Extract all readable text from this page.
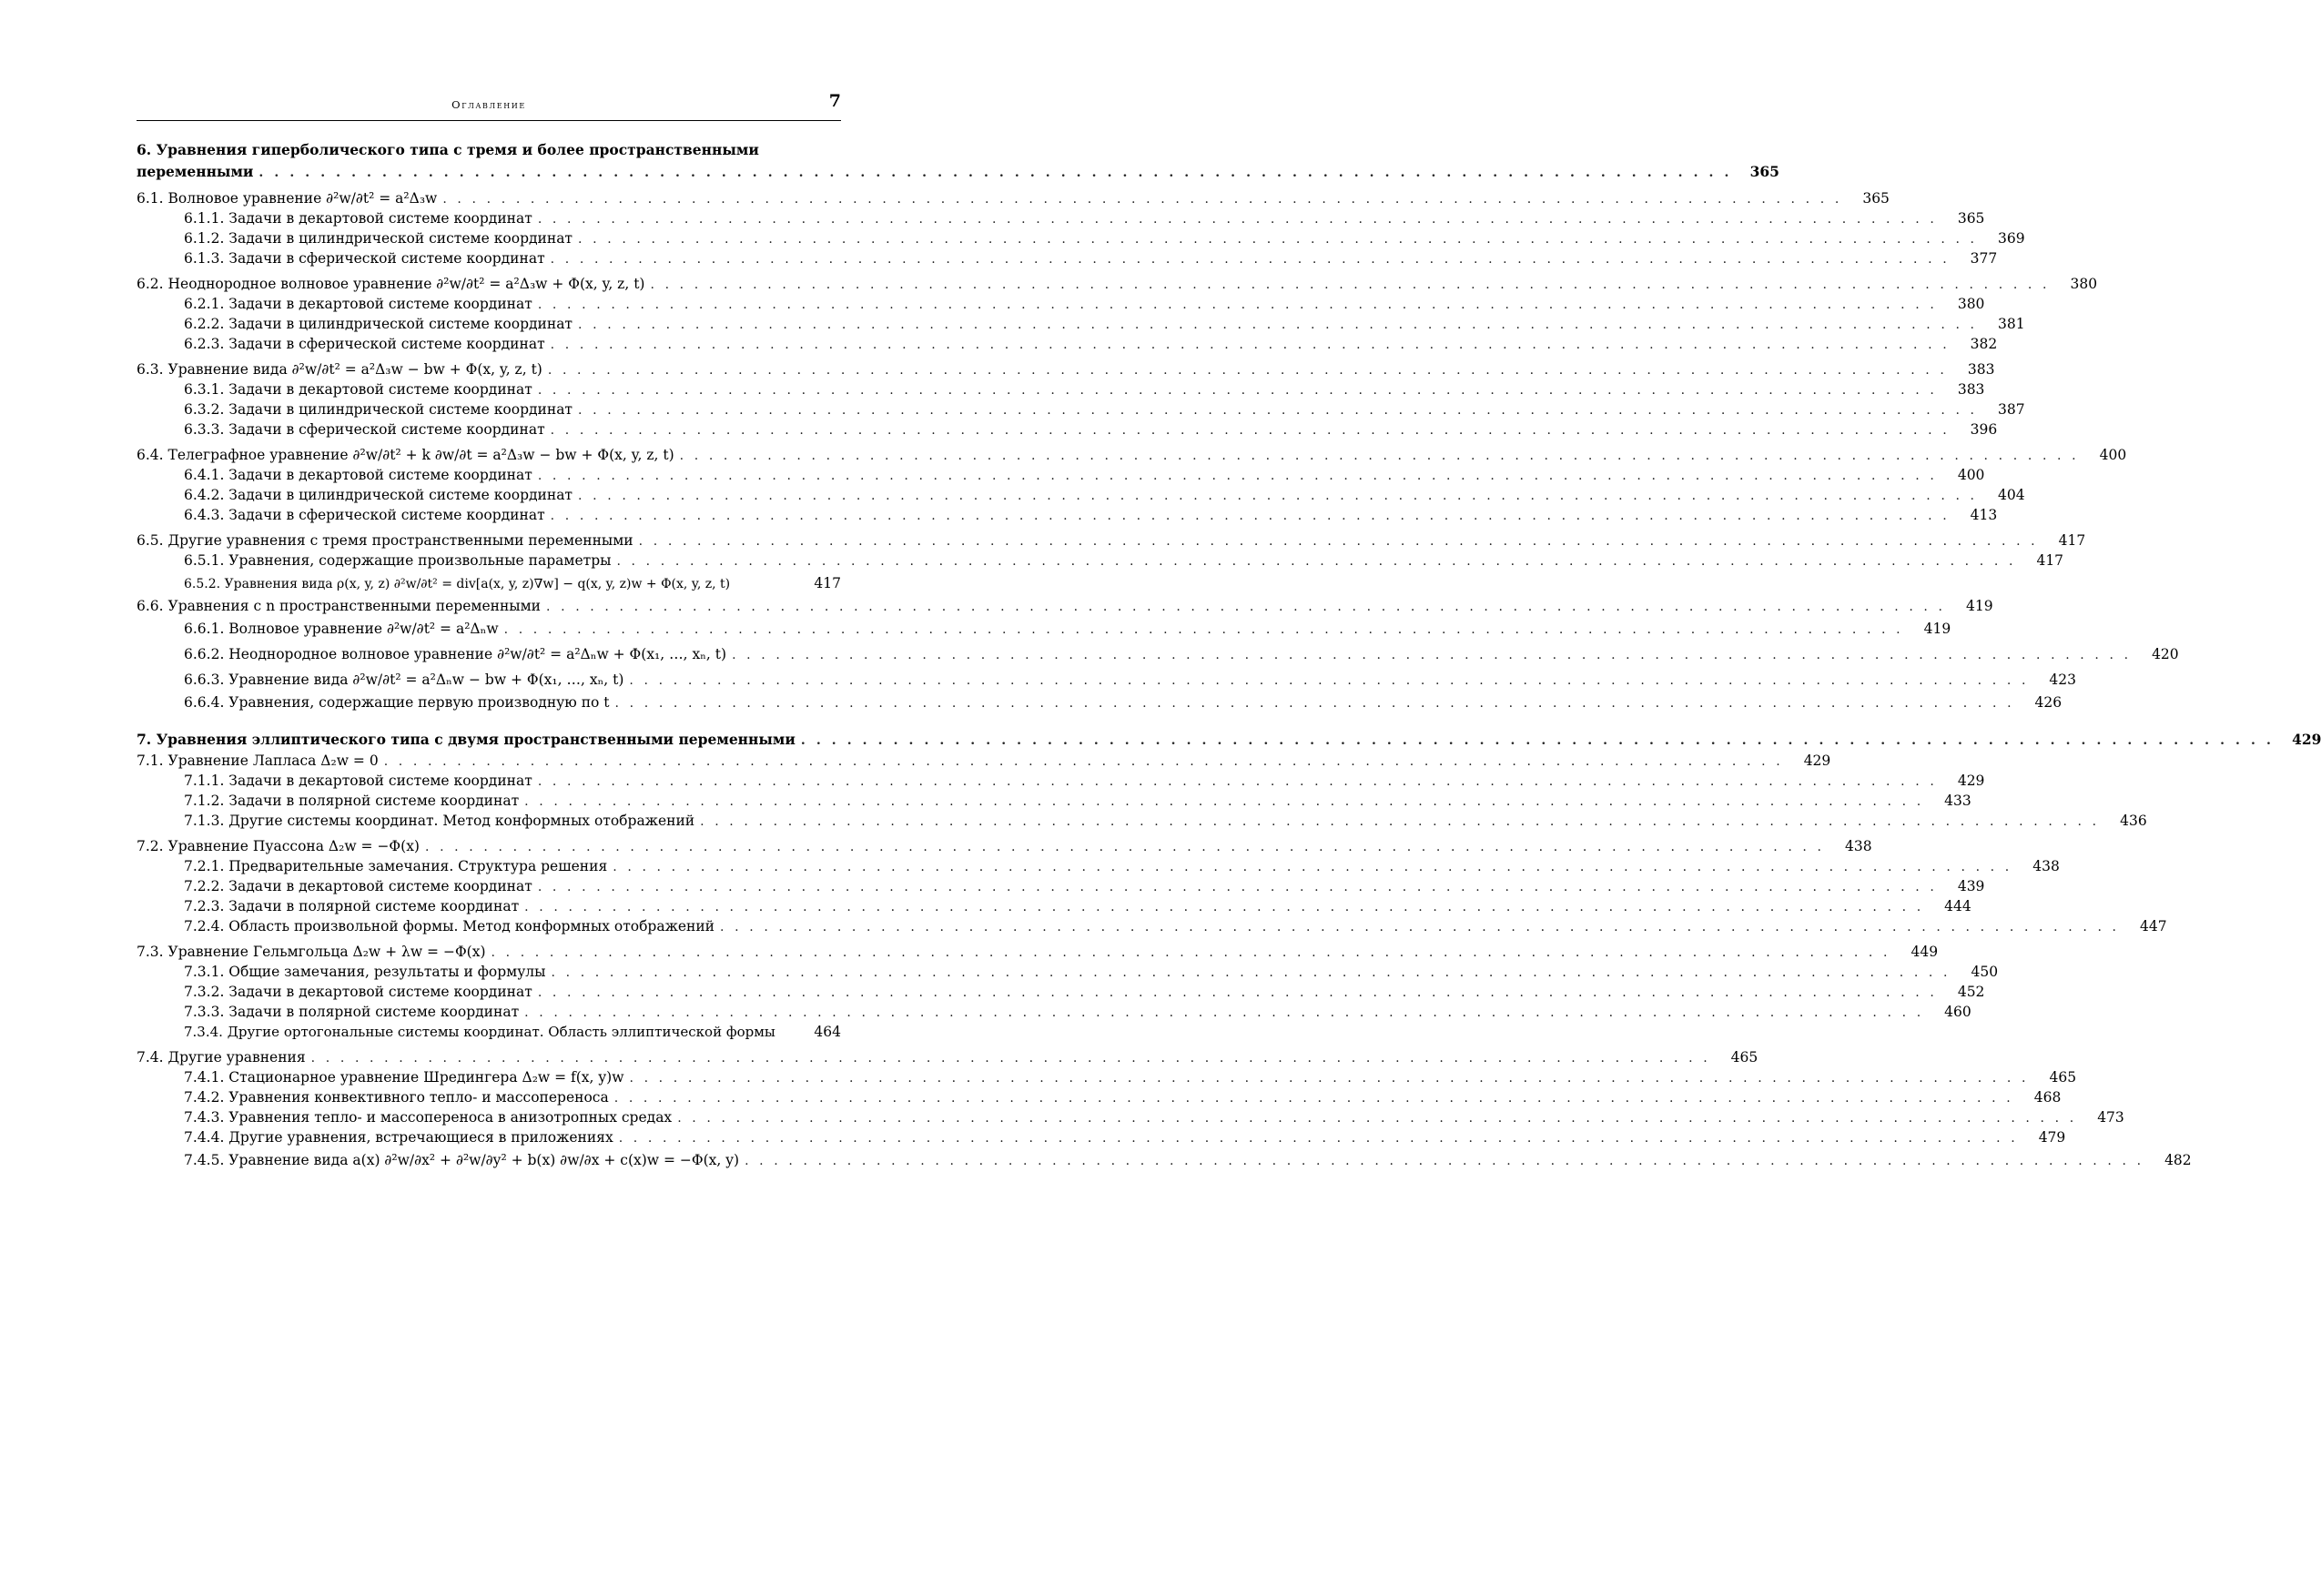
Оглавление	7
6. Уравнения гиперболического типа с тремя и более пространственными
переменными . . .	365
6.1. Волновое уравнение ∂²w/∂t² = a²Δ₃w . . .	365
6.1.1. Задачи в декартовой системе координат . . .	365
6.1.2. Задачи в цилиндрической системе координат . . .	369
6.1.3. Задачи в сферической системе координат . . .	377
6.2. Неоднородное волновое уравнение ∂²w/∂t² = a²Δ₃w + Φ(x, y, z, t) . . .	380
6.2.1. Задачи в декартовой системе координат . . .	380
6.2.2. Задачи в цилиндрической системе координат . . .	381
6.2.3. Задачи в сферической системе координат . . .	382
6.3. Уравнение вида ∂²w/∂t² = a²Δ₃w − bw + Φ(x, y, z, t) . . .	383
6.3.1. Задачи в декартовой системе координат . . .	383
6.3.2. Задачи в цилиндрической системе координат . . .	387
6.3.3. Задачи в сферической системе координат . . .	396
6.4. Телеграфное уравнение ∂²w/∂t² + k ∂w/∂t = a²Δ₃w − bw + Φ(x, y, z, t) . . .	400
6.4.1. Задачи в декартовой системе координат . . .	400
6.4.2. Задачи в цилиндрической системе координат . . .	404
6.4.3. Задачи в сферической системе координат . . .	413
6.5. Другие уравнения с тремя пространственными переменными . . .	417
6.5.1. Уравнения, содержащие произвольные параметры . . .	417
6.5.2. Уравнения вида ρ(x, y, z) ∂²w/∂t² = div[a(x, y, z)∇w] − q(x, y, z)w + Φ(x, y, z, t)	417
6.6. Уравнения с n пространственными переменными . . .	419
6.6.1. Волновое уравнение ∂²w/∂t² = a²Δₙw . . .	419
6.6.2. Неоднородное волновое уравнение ∂²w/∂t² = a²Δₙw + Φ(x₁, …, xₙ, t) . . .	420
6.6.3. Уравнение вида ∂²w/∂t² = a²Δₙw − bw + Φ(x₁, …, xₙ, t) . . .	423
6.6.4. Уравнения, содержащие первую производную по t . . .	426
7. Уравнения эллиптического типа с двумя пространственными переменными . . .	429
7.1. Уравнение Лапласа Δ₂w = 0 . . .	429
7.1.1. Задачи в декартовой системе координат . . .	429
7.1.2. Задачи в полярной системе координат . . .	433
7.1.3. Другие системы координат. Метод конформных отображений . . .	436
7.2. Уравнение Пуассона Δ₂w = −Φ(x) . . .	438
7.2.1. Предварительные замечания. Структура решения . . .	438
7.2.2. Задачи в декартовой системе координат . . .	439
7.2.3. Задачи в полярной системе координат . . .	444
7.2.4. Область произвольной формы. Метод конформных отображений . . .	447
7.3. Уравнение Гельмгольца Δ₂w + λw = −Φ(x) . . .	449
7.3.1. Общие замечания, результаты и формулы . . .	450
7.3.2. Задачи в декартовой системе координат . . .	452
7.3.3. Задачи в полярной системе координат . . .	460
7.3.4. Другие ортогональные системы координат. Область эллиптической формы	464
7.4. Другие уравнения . . .	465
7.4.1. Стационарное уравнение Шредингера Δ₂w = f(x, y)w . . .	465
7.4.2. Уравнения конвективного тепло- и массопереноса . . .	468
7.4.3. Уравнения тепло- и массопереноса в анизотропных средах . . .	473
7.4.4. Другие уравнения, встречающиеся в приложениях . . .	479
7.4.5. Уравнение вида a(x) ∂²w/∂x² + ∂²w/∂y² + b(x) ∂w/∂x + c(x)w = −Φ(x, y) . . .	482
